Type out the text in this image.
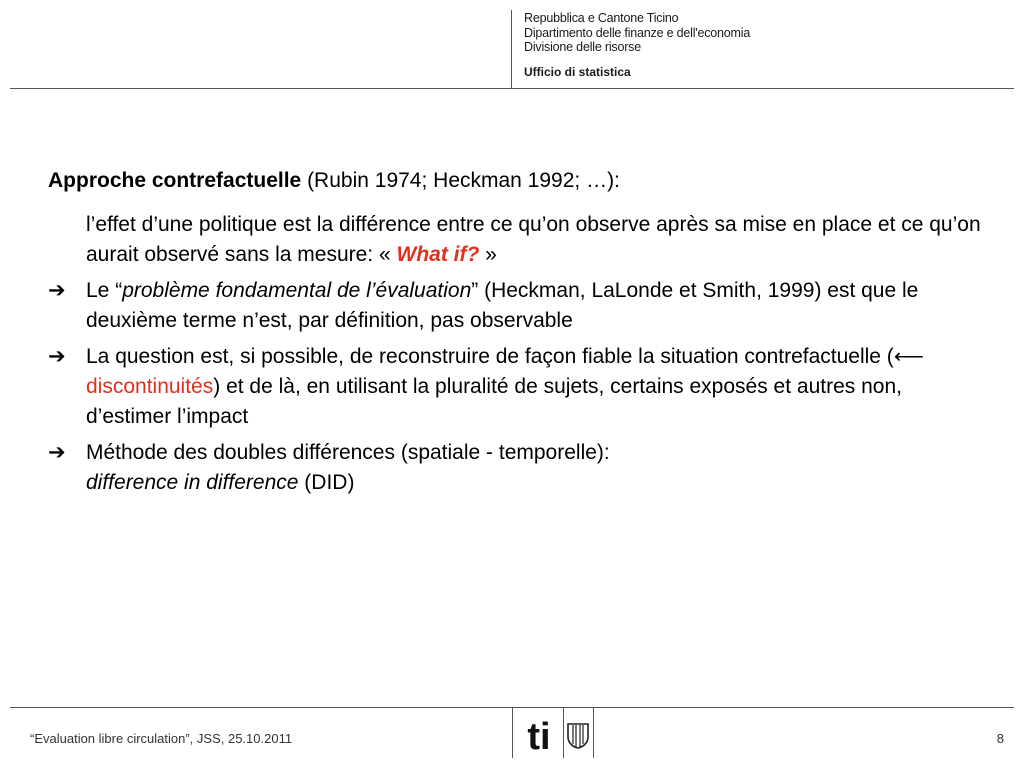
Repubblica e Cantone Ticino
Dipartimento delle finanze e dell'economia
Divisione delle risorse
Ufficio di statistica
Approche contrefactuelle (Rubin 1974; Heckman 1992; …):
l’effet d’une politique est la différence entre ce qu’on observe après sa mise en place et ce qu’on aurait observé sans la mesure: « What if? »
➔ Le “problème fondamental de l’évaluation” (Heckman, LaLonde et Smith, 1999) est que le deuxième terme n’est, par définition, pas observable
➔ La question est, si possible, de reconstruire de façon fiable la situation contrefactuelle (⟵ discontinuités) et de là, en utilisant la pluralité de sujets, certains exposés et autres non, d’estimer l’impact
➔ Méthode des doubles différences (spatiale - temporelle):
difference in difference (DID)
“Evaluation libre circulation”, JSS, 25.10.2011	8
ti
